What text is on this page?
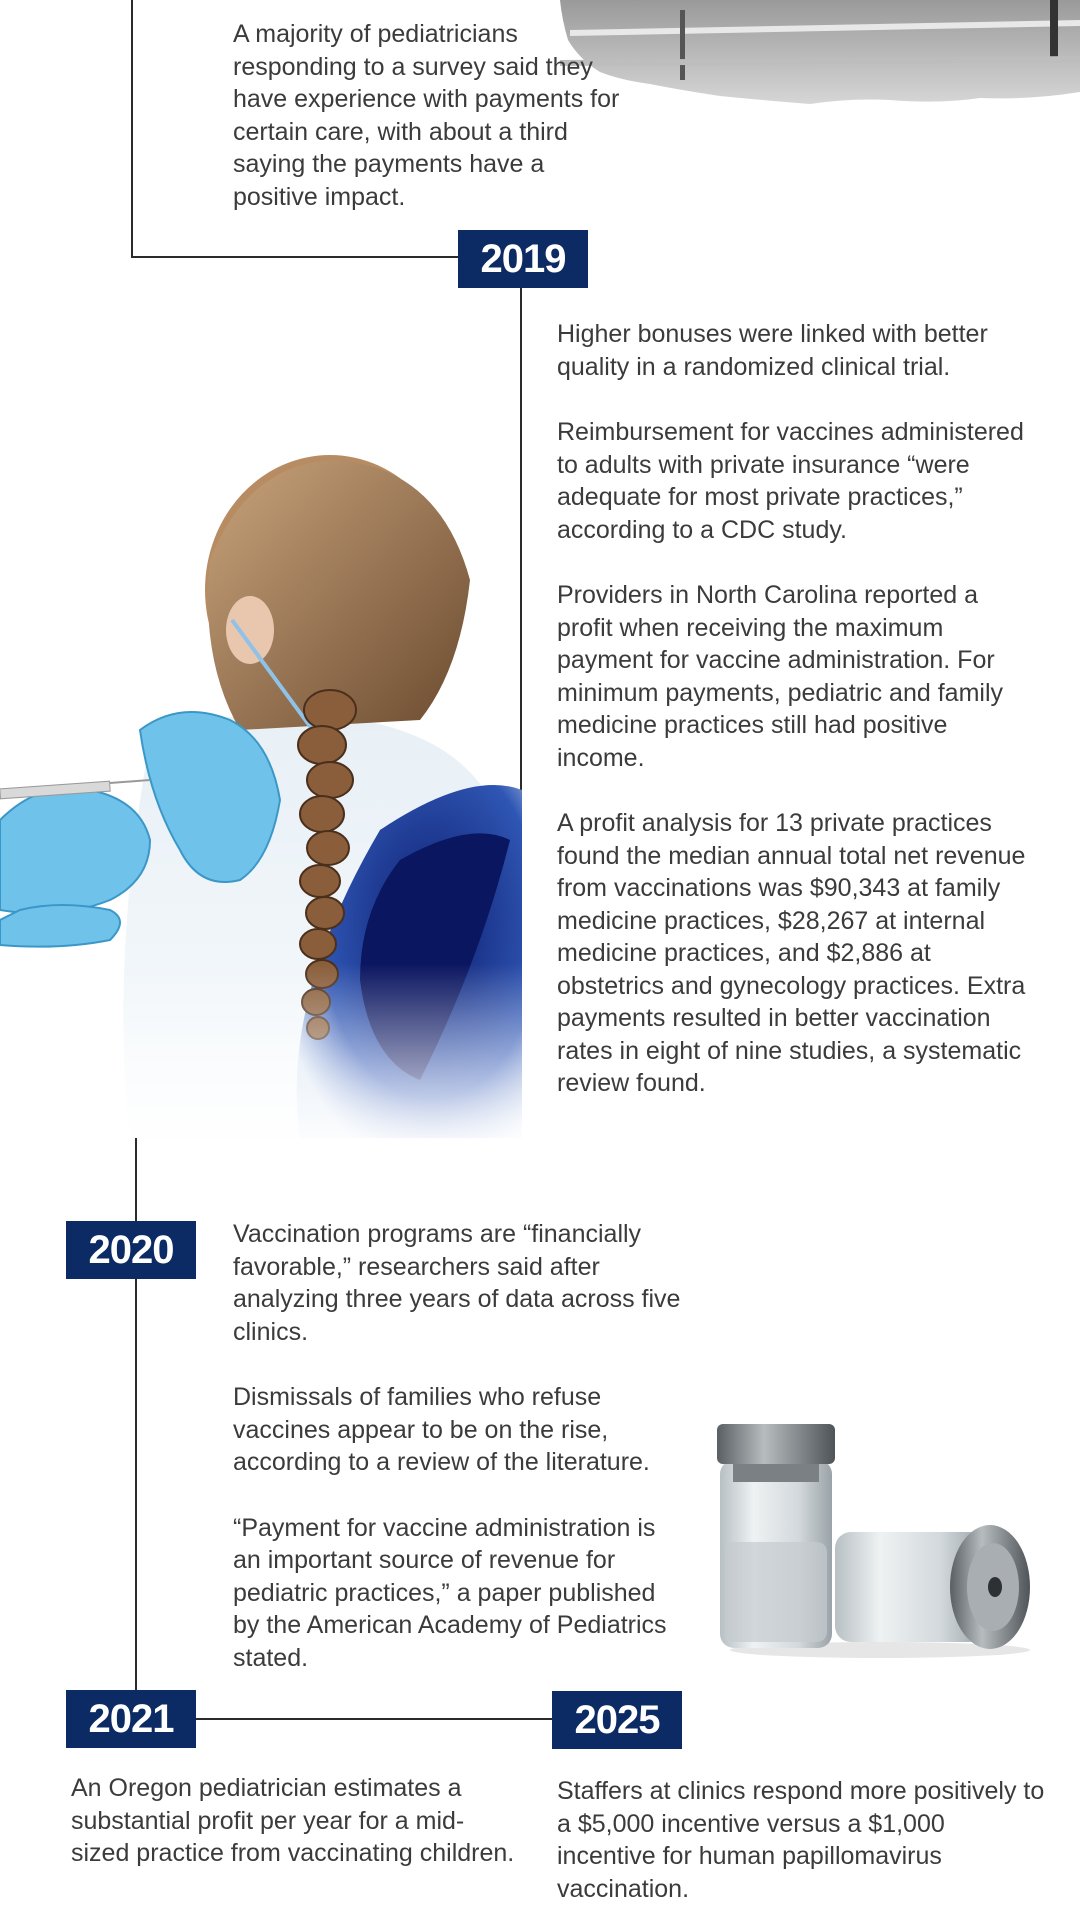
A majority of pediatricians responding to a survey said they have experience with payments for certain care, with about a third saying the payments have a positive impact.
2019

Higher bonuses were linked with better quality in a randomized clinical trial.

Reimbursement for vaccines administered to adults with private insurance “were adequate for most private practices,” according to a CDC study.

Providers in North Carolina reported a profit when receiving the maximum payment for vaccine administration. For minimum payments, pediatric and family medicine practices still had positive income.

A profit analysis for 13 private practices found the median annual total net revenue from vaccinations was $90,343 at family medicine practices, $28,267 at internal medicine practices, and $2,886 at obstetrics and gynecology practices. Extra payments resulted in better vaccination rates in eight of nine studies, a systematic review found.

2020	Vaccination programs are “financially favorable,” researchers said after analyzing three years of data across five clinics.

Dismissals of families who refuse vaccines appear to be on the rise, according to a review of the literature.

“Payment for vaccine administration is an important source of revenue for pediatric practices,” a paper published by the American Academy of Pediatrics stated.

2021	2025
An Oregon pediatrician estimates a substantial profit per year for a mid-sized practice from vaccinating children.
Staffers at clinics respond more positively to a $5,000 incentive versus a $1,000 incentive for human papillomavirus vaccination.
